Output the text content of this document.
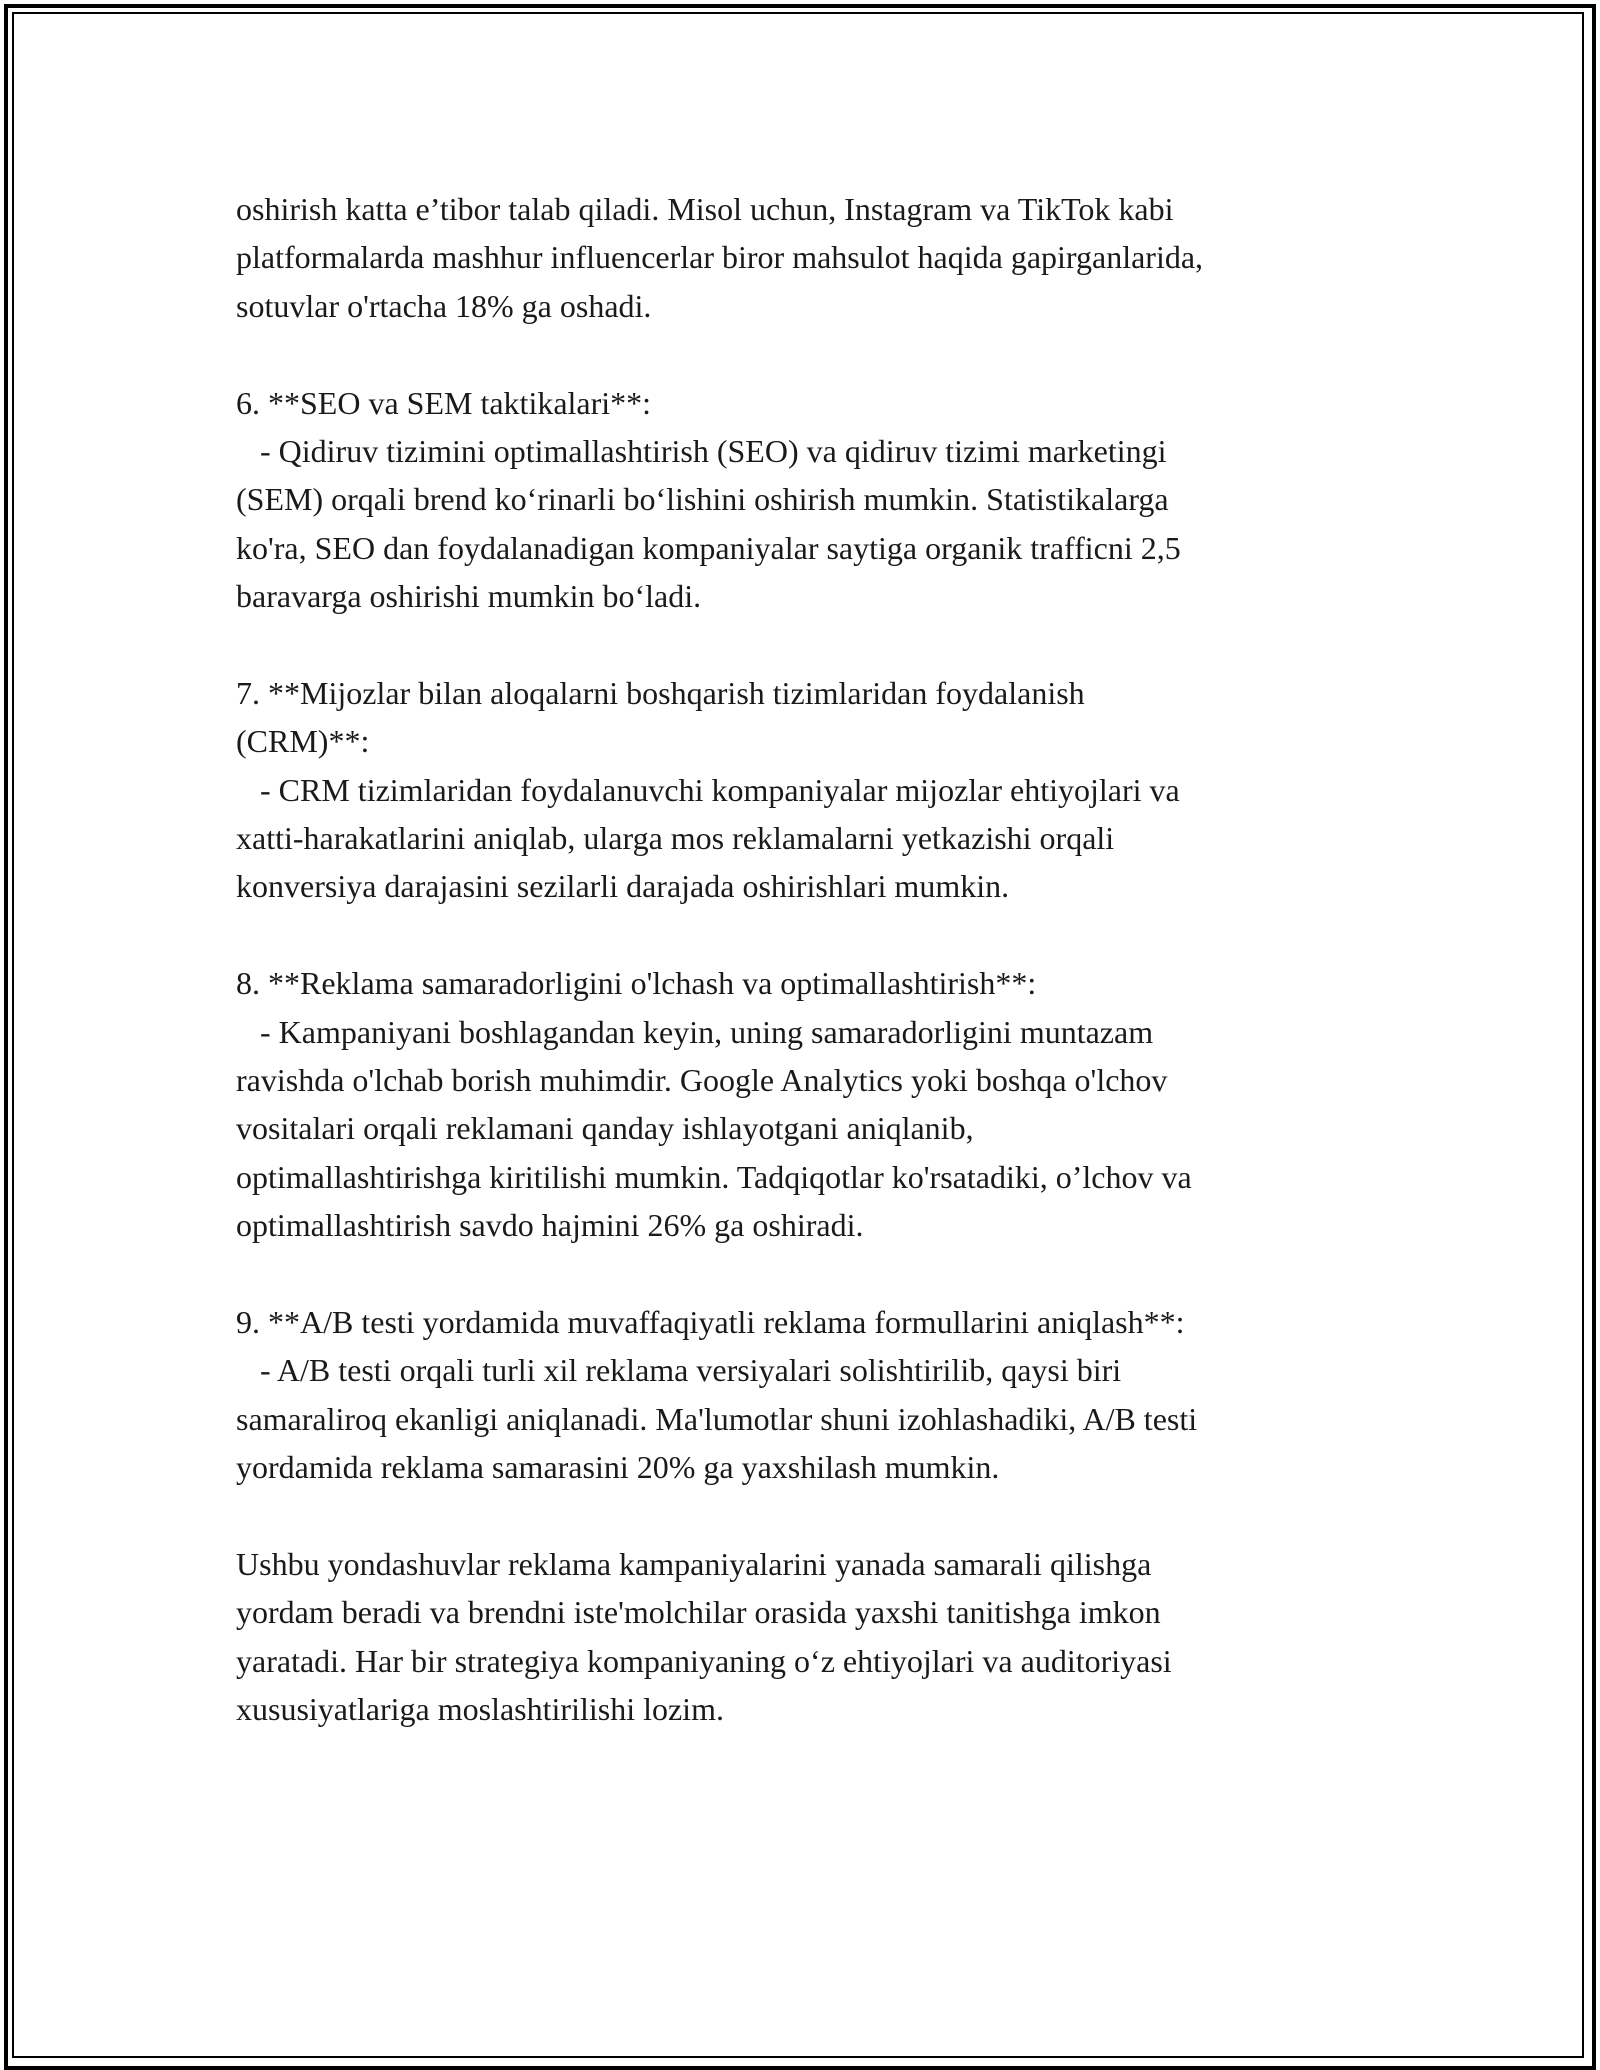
oshirish katta e’tibor talab qiladi. Misol uchun, Instagram va TikTok kabi
platformalarda mashhur influencerlar biror mahsulot haqida gapirganlarida,
sotuvlar o'rtacha 18% ga oshadi.
6. **SEO va SEM taktikalari**:
- Qidiruv tizimini optimallashtirish (SEO) va qidiruv tizimi marketingi
(SEM) orqali brend ko‘rinarli bo‘lishini oshirish mumkin. Statistikalarga
ko'ra, SEO dan foydalanadigan kompaniyalar saytiga organik trafficni 2,5
baravarga oshirishi mumkin bo‘ladi.
7. **Mijozlar bilan aloqalarni boshqarish tizimlaridan foydalanish
(CRM)**:
- CRM tizimlaridan foydalanuvchi kompaniyalar mijozlar ehtiyojlari va
xatti-harakatlarini aniqlab, ularga mos reklamalarni yetkazishi orqali
konversiya darajasini sezilarli darajada oshirishlari mumkin.
8. **Reklama samaradorligini o'lchash va optimallashtirish**:
- Kampaniyani boshlagandan keyin, uning samaradorligini muntazam
ravishda o'lchab borish muhimdir. Google Analytics yoki boshqa o'lchov
vositalari orqali reklamani qanday ishlayotgani aniqlanib,
optimallashtirishga kiritilishi mumkin. Tadqiqotlar ko'rsatadiki, o’lchov va
optimallashtirish savdo hajmini 26% ga oshiradi.
9. **A/B testi yordamida muvaffaqiyatli reklama formullarini aniqlash**:
- A/B testi orqali turli xil reklama versiyalari solishtirilib, qaysi biri
samaraliroq ekanligi aniqlanadi. Ma'lumotlar shuni izohlashadiki, A/B testi
yordamida reklama samarasini 20% ga yaxshilash mumkin.
Ushbu yondashuvlar reklama kampaniyalarini yanada samarali qilishga
yordam beradi va brendni iste'molchilar orasida yaxshi tanitishga imkon
yaratadi. Har bir strategiya kompaniyaning o‘z ehtiyojlari va auditoriyasi
xususiyatlariga moslashtirilishi lozim.
